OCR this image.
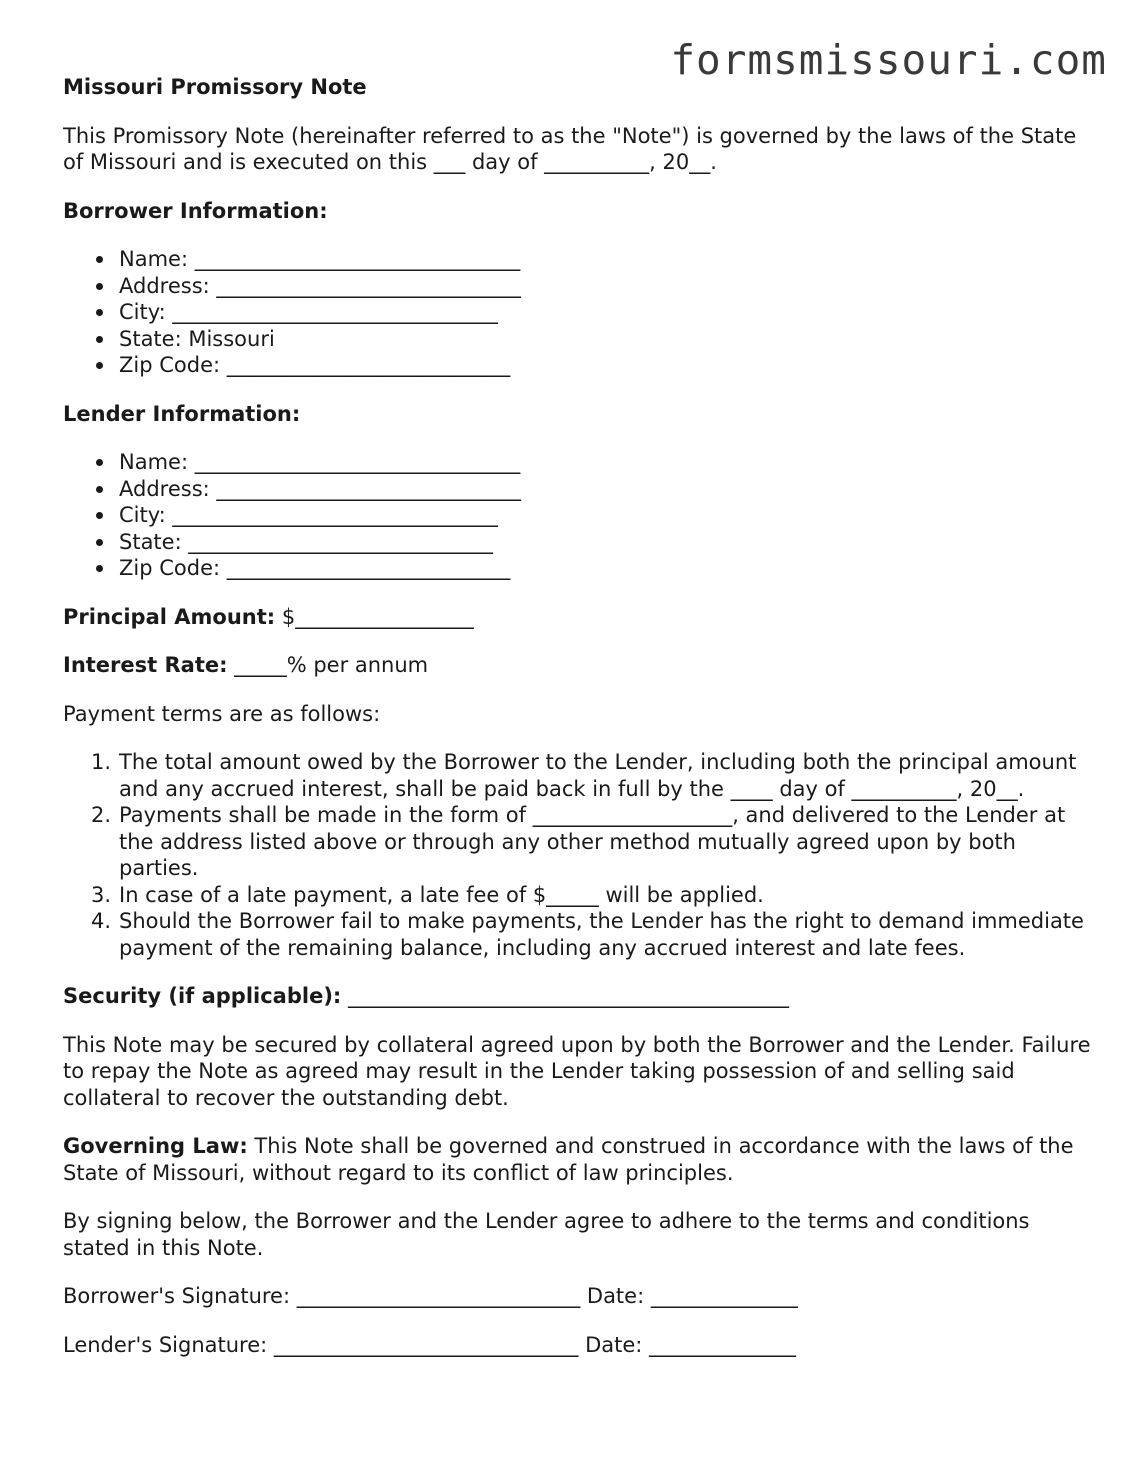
formsmissouri.com

Missouri Promissory Note

This Promissory Note (hereinafter referred to as the "Note") is governed by the laws of the State of Missouri and is executed on this ___ day of __________, 20__.

Borrower Information:

Name: _______________________________
Address: _____________________________
City: _______________________________
State: Missouri
Zip Code: ___________________________

Lender Information:

Name: _______________________________
Address: _____________________________
City: _______________________________
State: _____________________________
Zip Code: ___________________________

Principal Amount: $_________________

Interest Rate: _____% per annum

Payment terms are as follows:

1. The total amount owed by the Borrower to the Lender, including both the principal amount and any accrued interest, shall be paid back in full by the ____ day of __________, 20__.
2. Payments shall be made in the form of ___________________, and delivered to the Lender at the address listed above or through any other method mutually agreed upon by both parties.
3. In case of a late payment, a late fee of $_____ will be applied.
4. Should the Borrower fail to make payments, the Lender has the right to demand immediate payment of the remaining balance, including any accrued interest and late fees.

Security (if applicable): __________________________________________

This Note may be secured by collateral agreed upon by both the Borrower and the Lender. Failure to repay the Note as agreed may result in the Lender taking possession of and selling said collateral to recover the outstanding debt.

Governing Law: This Note shall be governed and construed in accordance with the laws of the State of Missouri, without regard to its conflict of law principles.

By signing below, the Borrower and the Lender agree to adhere to the terms and conditions stated in this Note.

Borrower's Signature: ___________________________ Date: ______________

Lender's Signature: _____________________________ Date: ______________
